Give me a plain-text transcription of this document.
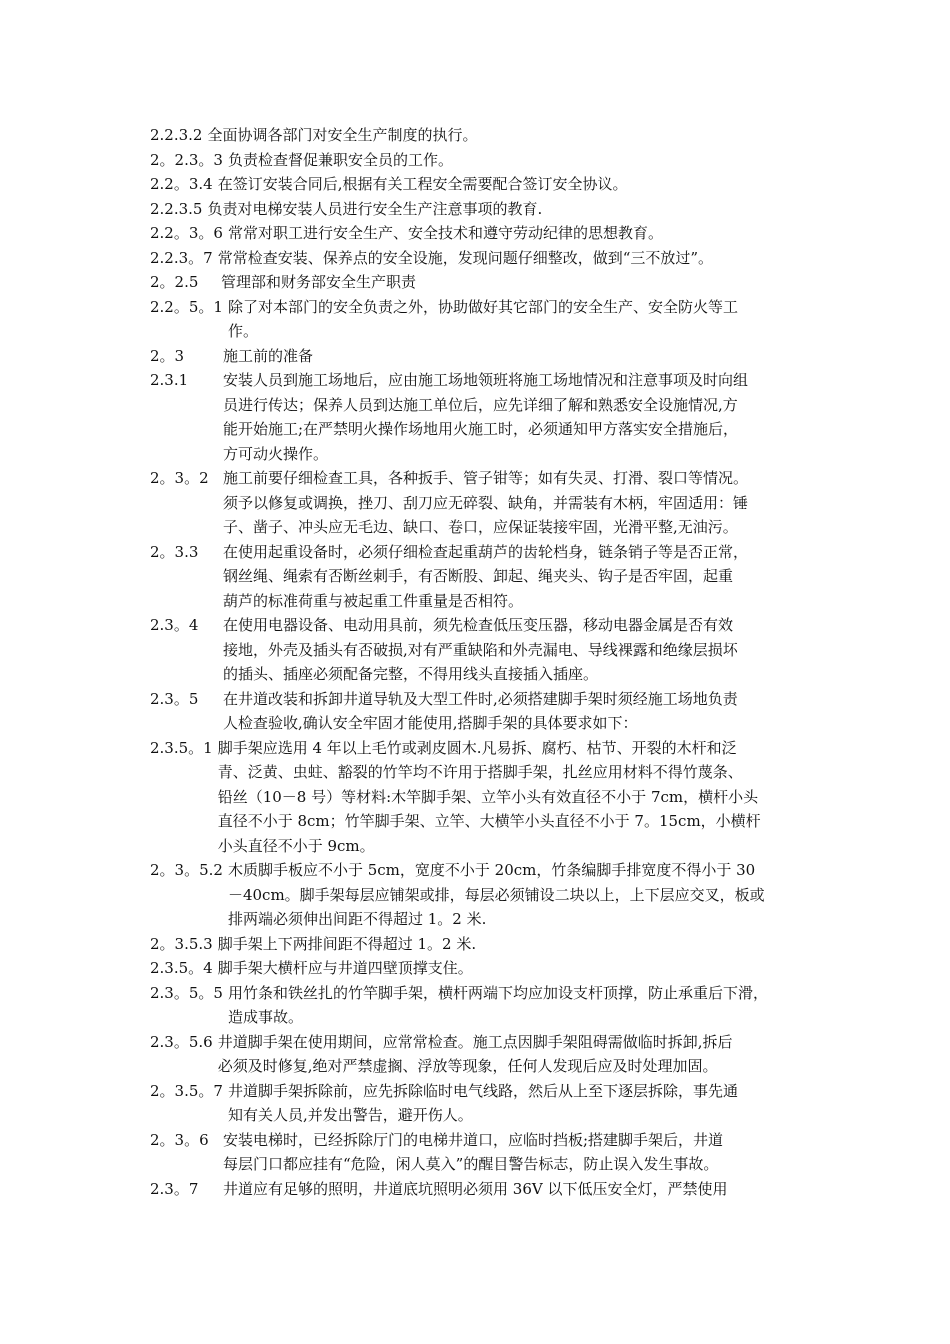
2.2.3.2 全面协调各部门对安全生产制度的执行。
2。2.3。3 负责检查督促兼职安全员的工作。
2.2。3.4 在签订安装合同后,根据有关工程安全需要配合签订安全协议。
2.2.3.5 负责对电梯安装人员进行安全生产注意事项的教育.
2.2。3。6 常常对职工进行安全生产、安全技术和遵守劳动纪律的思想教育。
2.2.3。7 常常检查安装、保养点的安全设施，发现问题仔细整改，做到“三不放过”。
2。2.5	管理部和财务部安全生产职责
2.2。5。1 除了对本部门的安全负责之外，协助做好其它部门的安全生产、安全防火等工
作。
2。3	施工前的准备
2.3.1	安装人员到施工场地后，应由施工场地领班将施工场地情况和注意事项及时向组
员进行传达；保养人员到达施工单位后，应先详细了解和熟悉安全设施情况,方
能开始施工;在严禁明火操作场地用火施工时，必须通知甲方落实安全措施后，
方可动火操作。
2。3。2 施工前要仔细检查工具，各种扳手、管子钳等；如有失灵、打滑、裂口等情况。
须予以修复或调换，挫刀、刮刀应无碎裂、缺角，并需装有木柄，牢固适用：锤
子、凿子、冲头应无毛边、缺口、卷口，应保证装接牢固，光滑平整,无油污。
2。3.3	在使用起重设备时，必须仔细检查起重葫芦的齿轮档身，链条销子等是否正常，
钢丝绳、绳索有否断丝刺手，有否断股、卸起、绳夹头、钩子是否牢固，起重
葫芦的标准荷重与被起重工件重量是否相符。
2.3。4	在使用电器设备、电动用具前，须先检查低压变压器，移动电器金属是否有效
接地，外壳及插头有否破损,对有严重缺陷和外壳漏电、导线裸露和绝缘层损坏
的插头、插座必须配备完整，不得用线头直接插入插座。
2.3。5	在井道改装和拆卸井道导轨及大型工件时,必须搭建脚手架时须经施工场地负责
人检查验收,确认安全牢固才能使用,搭脚手架的具体要求如下：
2.3.5。1 脚手架应选用 4 年以上毛竹或剥皮圆木.凡易拆、腐朽、枯节、开裂的木杆和泛
青、泛黄、虫蛀、豁裂的竹竿均不许用于搭脚手架，扎丝应用材料不得竹蔑条、
铅丝（10－8 号）等材料:木竿脚手架、立竿小头有效直径不小于 7cm，横杆小头
直径不小于 8cm；竹竿脚手架、立竿、大横竿小头直径不小于 7。15cm，小横杆
小头直径不小于 9cm。
2。3。5.2 木质脚手板应不小于 5cm，宽度不小于 20cm，竹条编脚手排宽度不得小于 30
－40cm。脚手架每层应铺架或排，每层必须铺设二块以上，上下层应交叉，板或
排两端必须伸出间距不得超过 1。2 米.
2。3.5.3 脚手架上下两排间距不得超过 1。2 米.
2.3.5。4 脚手架大横杆应与井道四壁顶撑支住。
2.3。5。5 用竹条和铁丝扎的竹竿脚手架，横杆两端下均应加设支杆顶撑，防止承重后下滑，
造成事故。
2.3。5.6 井道脚手架在使用期间，应常常检查。施工点因脚手架阻碍需做临时拆卸,拆后
必须及时修复,绝对严禁虚搁、浮放等现象，任何人发现后应及时处理加固。
2。3.5。7 井道脚手架拆除前，应先拆除临时电气线路，然后从上至下逐层拆除，事先通
知有关人员,并发出警告，避开伤人。
2。3。6 安装电梯时，已经拆除厅门的电梯井道口，应临时挡板;搭建脚手架后，井道
每层门口都应挂有“危险，闲人莫入”的醒目警告标志，防止误入发生事故。
2.3。7	井道应有足够的照明，井道底坑照明必须用 36V 以下低压安全灯，严禁使用
